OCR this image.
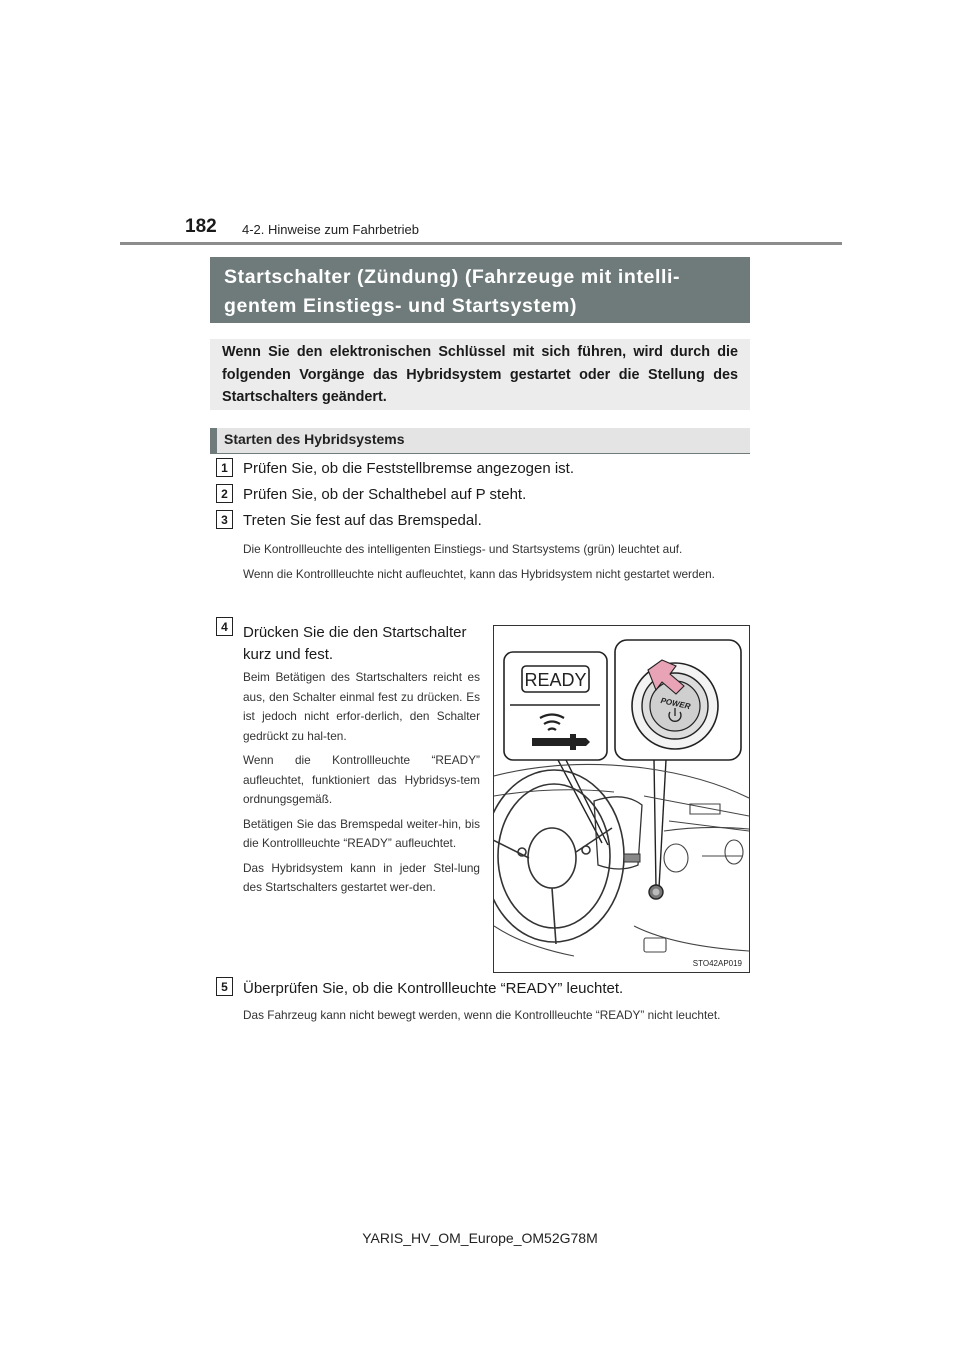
182 4-2. Hinweise zum Fahrbetrieb
Startschalter (Zündung) (Fahrzeuge mit intelli-
gentem Einstiegs- und Startsystem)
Wenn Sie den elektronischen Schlüssel mit sich führen, wird durch die folgenden Vorgänge das Hybridsystem gestartet oder die Stellung des Startschalters geändert.
Starten des Hybridsystems
1	Prüfen Sie, ob die Feststellbremse angezogen ist.
2	Prüfen Sie, ob der Schalthebel auf P steht.
3	Treten Sie fest auf das Bremspedal.

Die Kontrollleuchte des intelligenten Einstiegs- und Startsystems (grün) leuchtet auf.

Wenn die Kontrollleuchte nicht aufleuchtet, kann das Hybridsystem nicht gestartet werden.

4	Drücken Sie die den Startschalter
kurz und fest.

Beim Betätigen des Startschalters reicht es aus, den Schalter einmal fest zu drücken. Es ist jedoch nicht erfor-derlich, den Schalter gedrückt zu hal-ten.

Wenn die Kontrollleuchte “READY” aufleuchtet, funktioniert das Hybridsys-tem ordnungsgemäß.

Betätigen Sie das Bremspedal weiter-hin, bis die Kontrollleuchte “READY” aufleuchtet.

Das Hybridsystem kann in jeder Stel-lung des Startschalters gestartet wer-den.

READY
POWER
STO42AP019
5	Überprüfen Sie, ob die Kontrollleuchte “READY” leuchtet.

Das Fahrzeug kann nicht bewegt werden, wenn die Kontrollleuchte “READY” nicht leuchtet.

YARIS_HV_OM_Europe_OM52G78M
